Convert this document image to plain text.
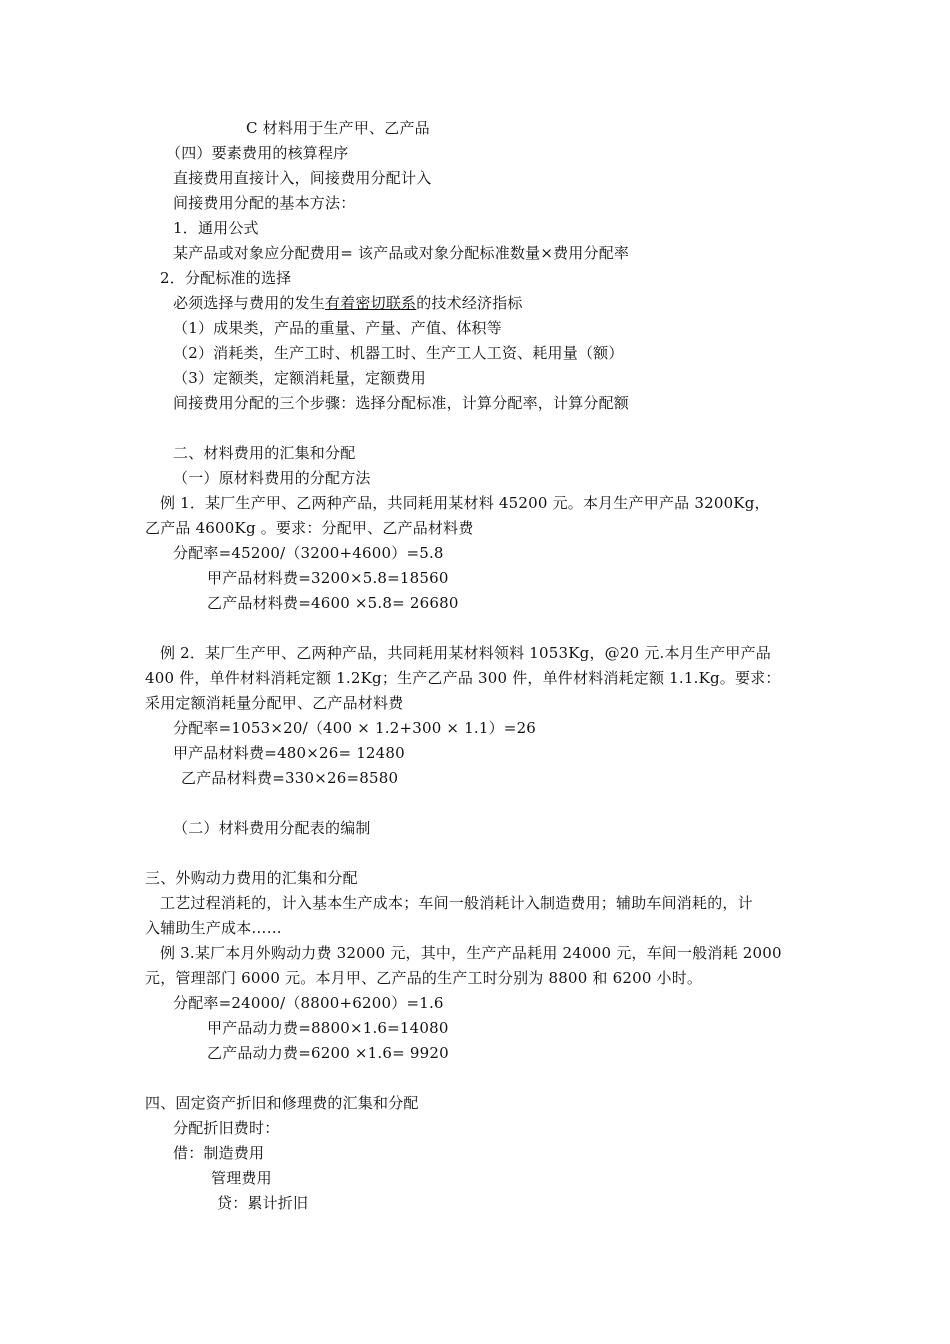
C 材料用于生产甲、乙产品
（四）要素费用的核算程序
直接费用直接计入，间接费用分配计入
间接费用分配的基本方法：
1．通用公式
某产品或对象应分配费用= 该产品或对象分配标准数量×费用分配率
2．分配标准的选择
必须选择与费用的发生有着密切联系的技术经济指标
（1）成果类，产品的重量、产量、产值、体积等
（2）消耗类，生产工时、机器工时、生产工人工资、耗用量（额）
（3）定额类，定额消耗量，定额费用
间接费用分配的三个步骤：选择分配标准，计算分配率，计算分配额
二、材料费用的汇集和分配
（一）原材料费用的分配方法
例 1．某厂生产甲、乙两种产品，共同耗用某材料 45200 元。本月生产甲产品 3200Kg，
乙产品 4600Kg 。要求：分配甲、乙产品材料费
分配率=45200/（3200+4600）=5.8
甲产品材料费=3200×5.8=18560
乙产品材料费=4600 ×5.8= 26680
例 2．某厂生产甲、乙两种产品，共同耗用某材料领料 1053Kg，@20 元.本月生产甲产品
400 件，单件材料消耗定额 1.2Kg；生产乙产品 300 件，单件材料消耗定额 1.1.Kg。要求：
采用定额消耗量分配甲、乙产品材料费
分配率=1053×20/（400 × 1.2+300 × 1.1）=26
甲产品材料费=480×26= 12480
乙产品材料费=330×26=8580
（二）材料费用分配表的编制
三、外购动力费用的汇集和分配
工艺过程消耗的，计入基本生产成本；车间一般消耗计入制造费用；辅助车间消耗的，计
入辅助生产成本……
例 3.某厂本月外购动力费 32000 元，其中，生产产品耗用 24000 元，车间一般消耗 2000
元，管理部门 6000 元。本月甲、乙产品的生产工时分别为 8800 和 6200 小时。
分配率=24000/（8800+6200）=1.6
甲产品动力费=8800×1.6=14080
乙产品动力费=6200 ×1.6= 9920
四、固定资产折旧和修理费的汇集和分配
分配折旧费时：
借：制造费用
管理费用
贷：累计折旧
